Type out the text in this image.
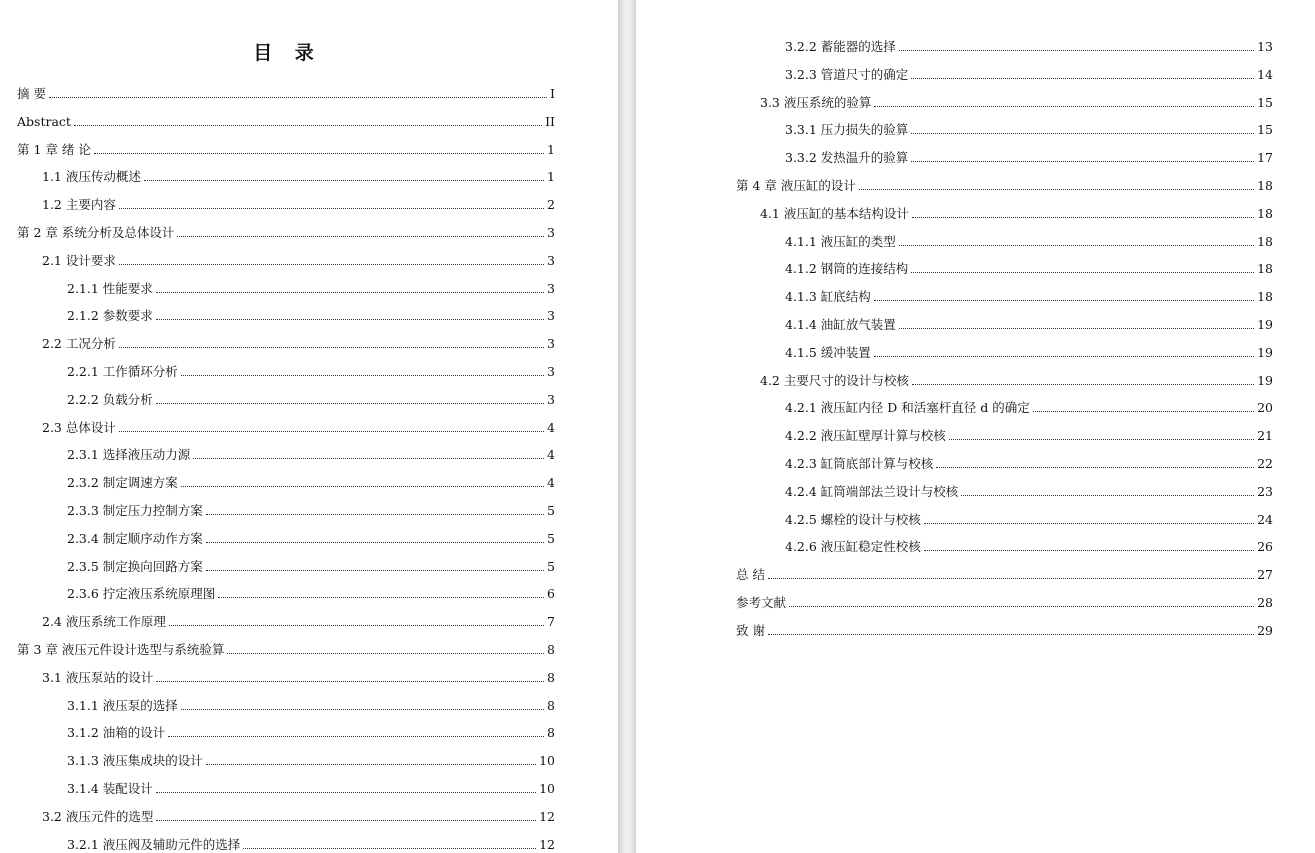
目 录
摘 要	I
Abstract	II
第 1 章 绪 论	1
1.1 液压传动概述	1
1.2 主要内容	2
第 2 章 系统分析及总体设计	3
2.1 设计要求	3
2.1.1 性能要求	3
2.1.2 参数要求	3
2.2 工况分析	3
2.2.1 工作循环分析	3
2.2.2 负载分析	3
2.3 总体设计	4
2.3.1 选择液压动力源	4
2.3.2 制定调速方案	4
2.3.3 制定压力控制方案	5
2.3.4 制定顺序动作方案	5
2.3.5 制定换向回路方案	5
2.3.6 拧定液压系统原理图	6
2.4 液压系统工作原理	7
第 3 章 液压元件设计选型与系统验算	8
3.1 液压泵站的设计	8
3.1.1 液压泵的选择	8
3.1.2 油箱的设计	8
3.1.3 液压集成块的设计	10
3.1.4 装配设计	10
3.2 液压元件的选型	12
3.2.1 液压阀及辅助元件的选择	12
3.2.2 蓄能器的选择	13
3.2.3 管道尺寸的确定	14
3.3 液压系统的验算	15
3.3.1 压力损失的验算	15
3.3.2 发热温升的验算	17
第 4 章 液压缸的设计	18
4.1 液压缸的基本结构设计	18
4.1.1 液压缸的类型	18
4.1.2 钢筒的连接结构	18
4.1.3 缸底结构	18
4.1.4 油缸放气装置	19
4.1.5 缓冲装置	19
4.2 主要尺寸的设计与校核	19
4.2.1 液压缸内径 D 和活塞杆直径 d 的确定	20
4.2.2 液压缸壁厚计算与校核	21
4.2.3 缸筒底部计算与校核	22
4.2.4 缸筒端部法兰设计与校核	23
4.2.5 螺栓的设计与校核	24
4.2.6 液压缸稳定性校核	26
总 结	27
参考文献	28
致 谢	29
